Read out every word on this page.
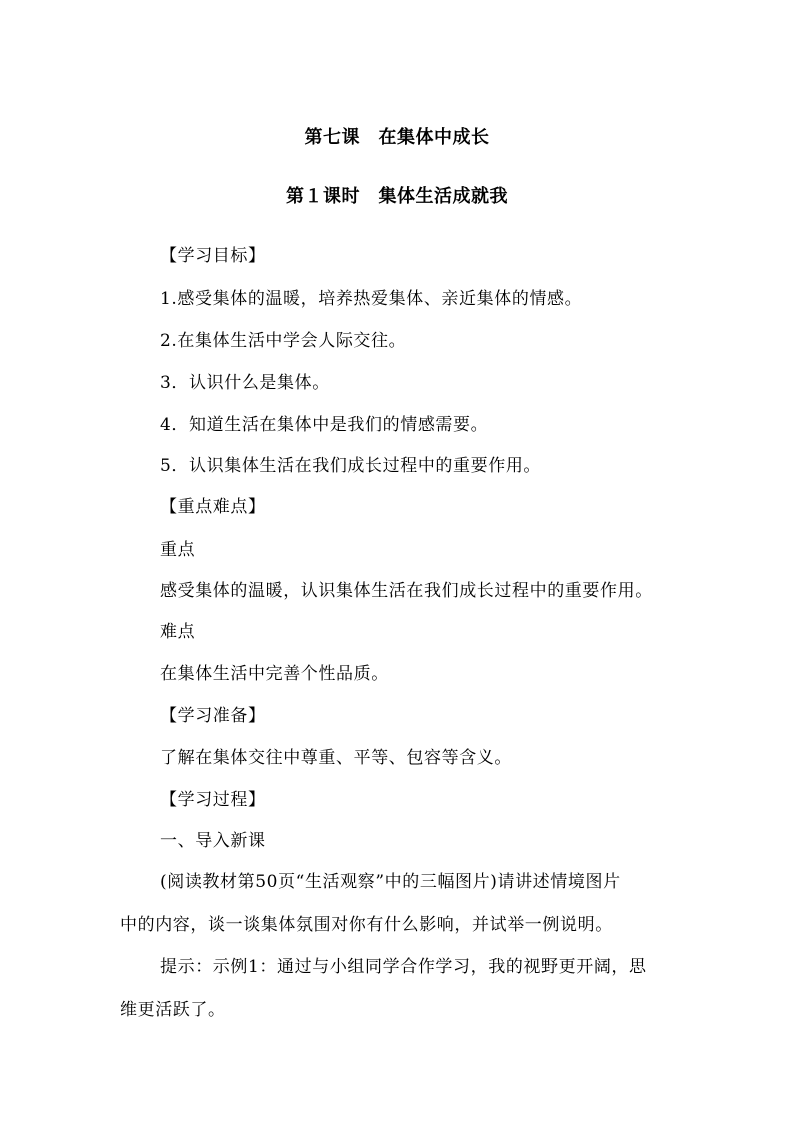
第七课　在集体中成长
第１课时　集体生活成就我
【学习目标】
1.感受集体的温暖，培养热爱集体、亲近集体的情感。
2.在集体生活中学会人际交往。
3．认识什么是集体。
4．知道生活在集体中是我们的情感需要。
5．认识集体生活在我们成长过程中的重要作用。
【重点难点】
重点
感受集体的温暖，认识集体生活在我们成长过程中的重要作用。
难点
在集体生活中完善个性品质。
【学习准备】
了解在集体交往中尊重、平等、包容等含义。
【学习过程】
一、导入新课
(阅读教材第50页“生活观察”中的三幅图片)请讲述情境图片
中的内容，谈一谈集体氛围对你有什么影响，并试举一例说明。
提示：示例1：通过与小组同学合作学习，我的视野更开阔，思
维更活跃了。
